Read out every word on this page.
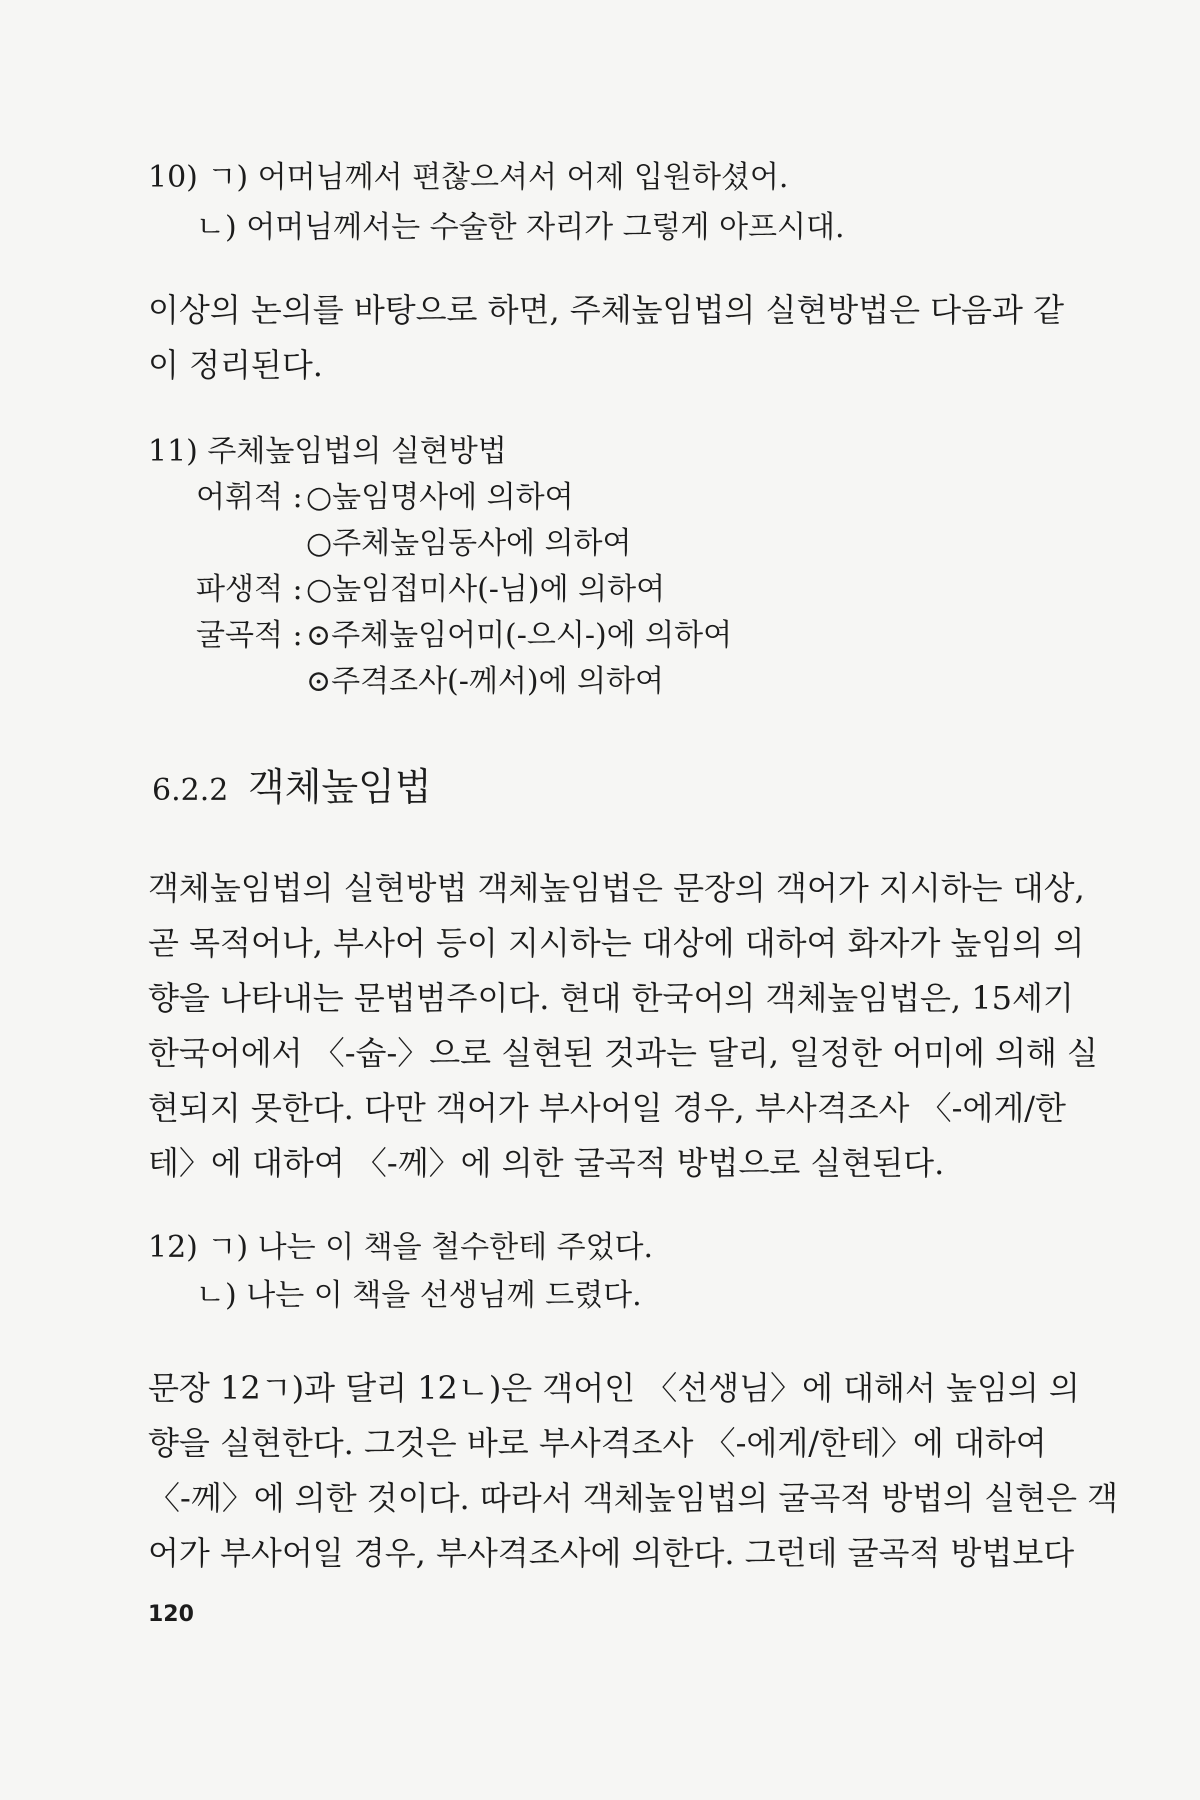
10) ㄱ) 어머님께서 편찮으셔서 어제 입원하셨어.
ㄴ) 어머님께서는 수술한 자리가 그렇게 아프시대.
이상의 논의를 바탕으로 하면, 주체높임법의 실현방법은 다음과 같
이 정리된다.
11) 주체높임법의 실현방법
어휘적 : ○높임명사에 의하여
○주체높임동사에 의하여
파생적 : ○높임접미사(-님)에 의하여
굴곡적 : ⊙주체높임어미(-으시-)에 의하여
⊙주격조사(-께서)에 의하여
6.2.2 객체높임법
객체높임법의 실현방법 객체높임법은 문장의 객어가 지시하는 대상,
곧 목적어나, 부사어 등이 지시하는 대상에 대하여 화자가 높임의 의
향을 나타내는 문법범주이다. 현대 한국어의 객체높임법은, 15세기
한국어에서 〈-숩-〉으로 실현된 것과는 달리, 일정한 어미에 의해 실
현되지 못한다. 다만 객어가 부사어일 경우, 부사격조사 〈-에게/한
테〉에 대하여 〈-께〉에 의한 굴곡적 방법으로 실현된다.
12) ㄱ) 나는 이 책을 철수한테 주었다.
ㄴ) 나는 이 책을 선생님께 드렸다.
문장 12ㄱ)과 달리 12ㄴ)은 객어인 〈선생님〉에 대해서 높임의 의
향을 실현한다. 그것은 바로 부사격조사 〈-에게/한테〉에 대하여
〈-께〉에 의한 것이다. 따라서 객체높임법의 굴곡적 방법의 실현은 객
어가 부사어일 경우, 부사격조사에 의한다. 그런데 굴곡적 방법보다
120
